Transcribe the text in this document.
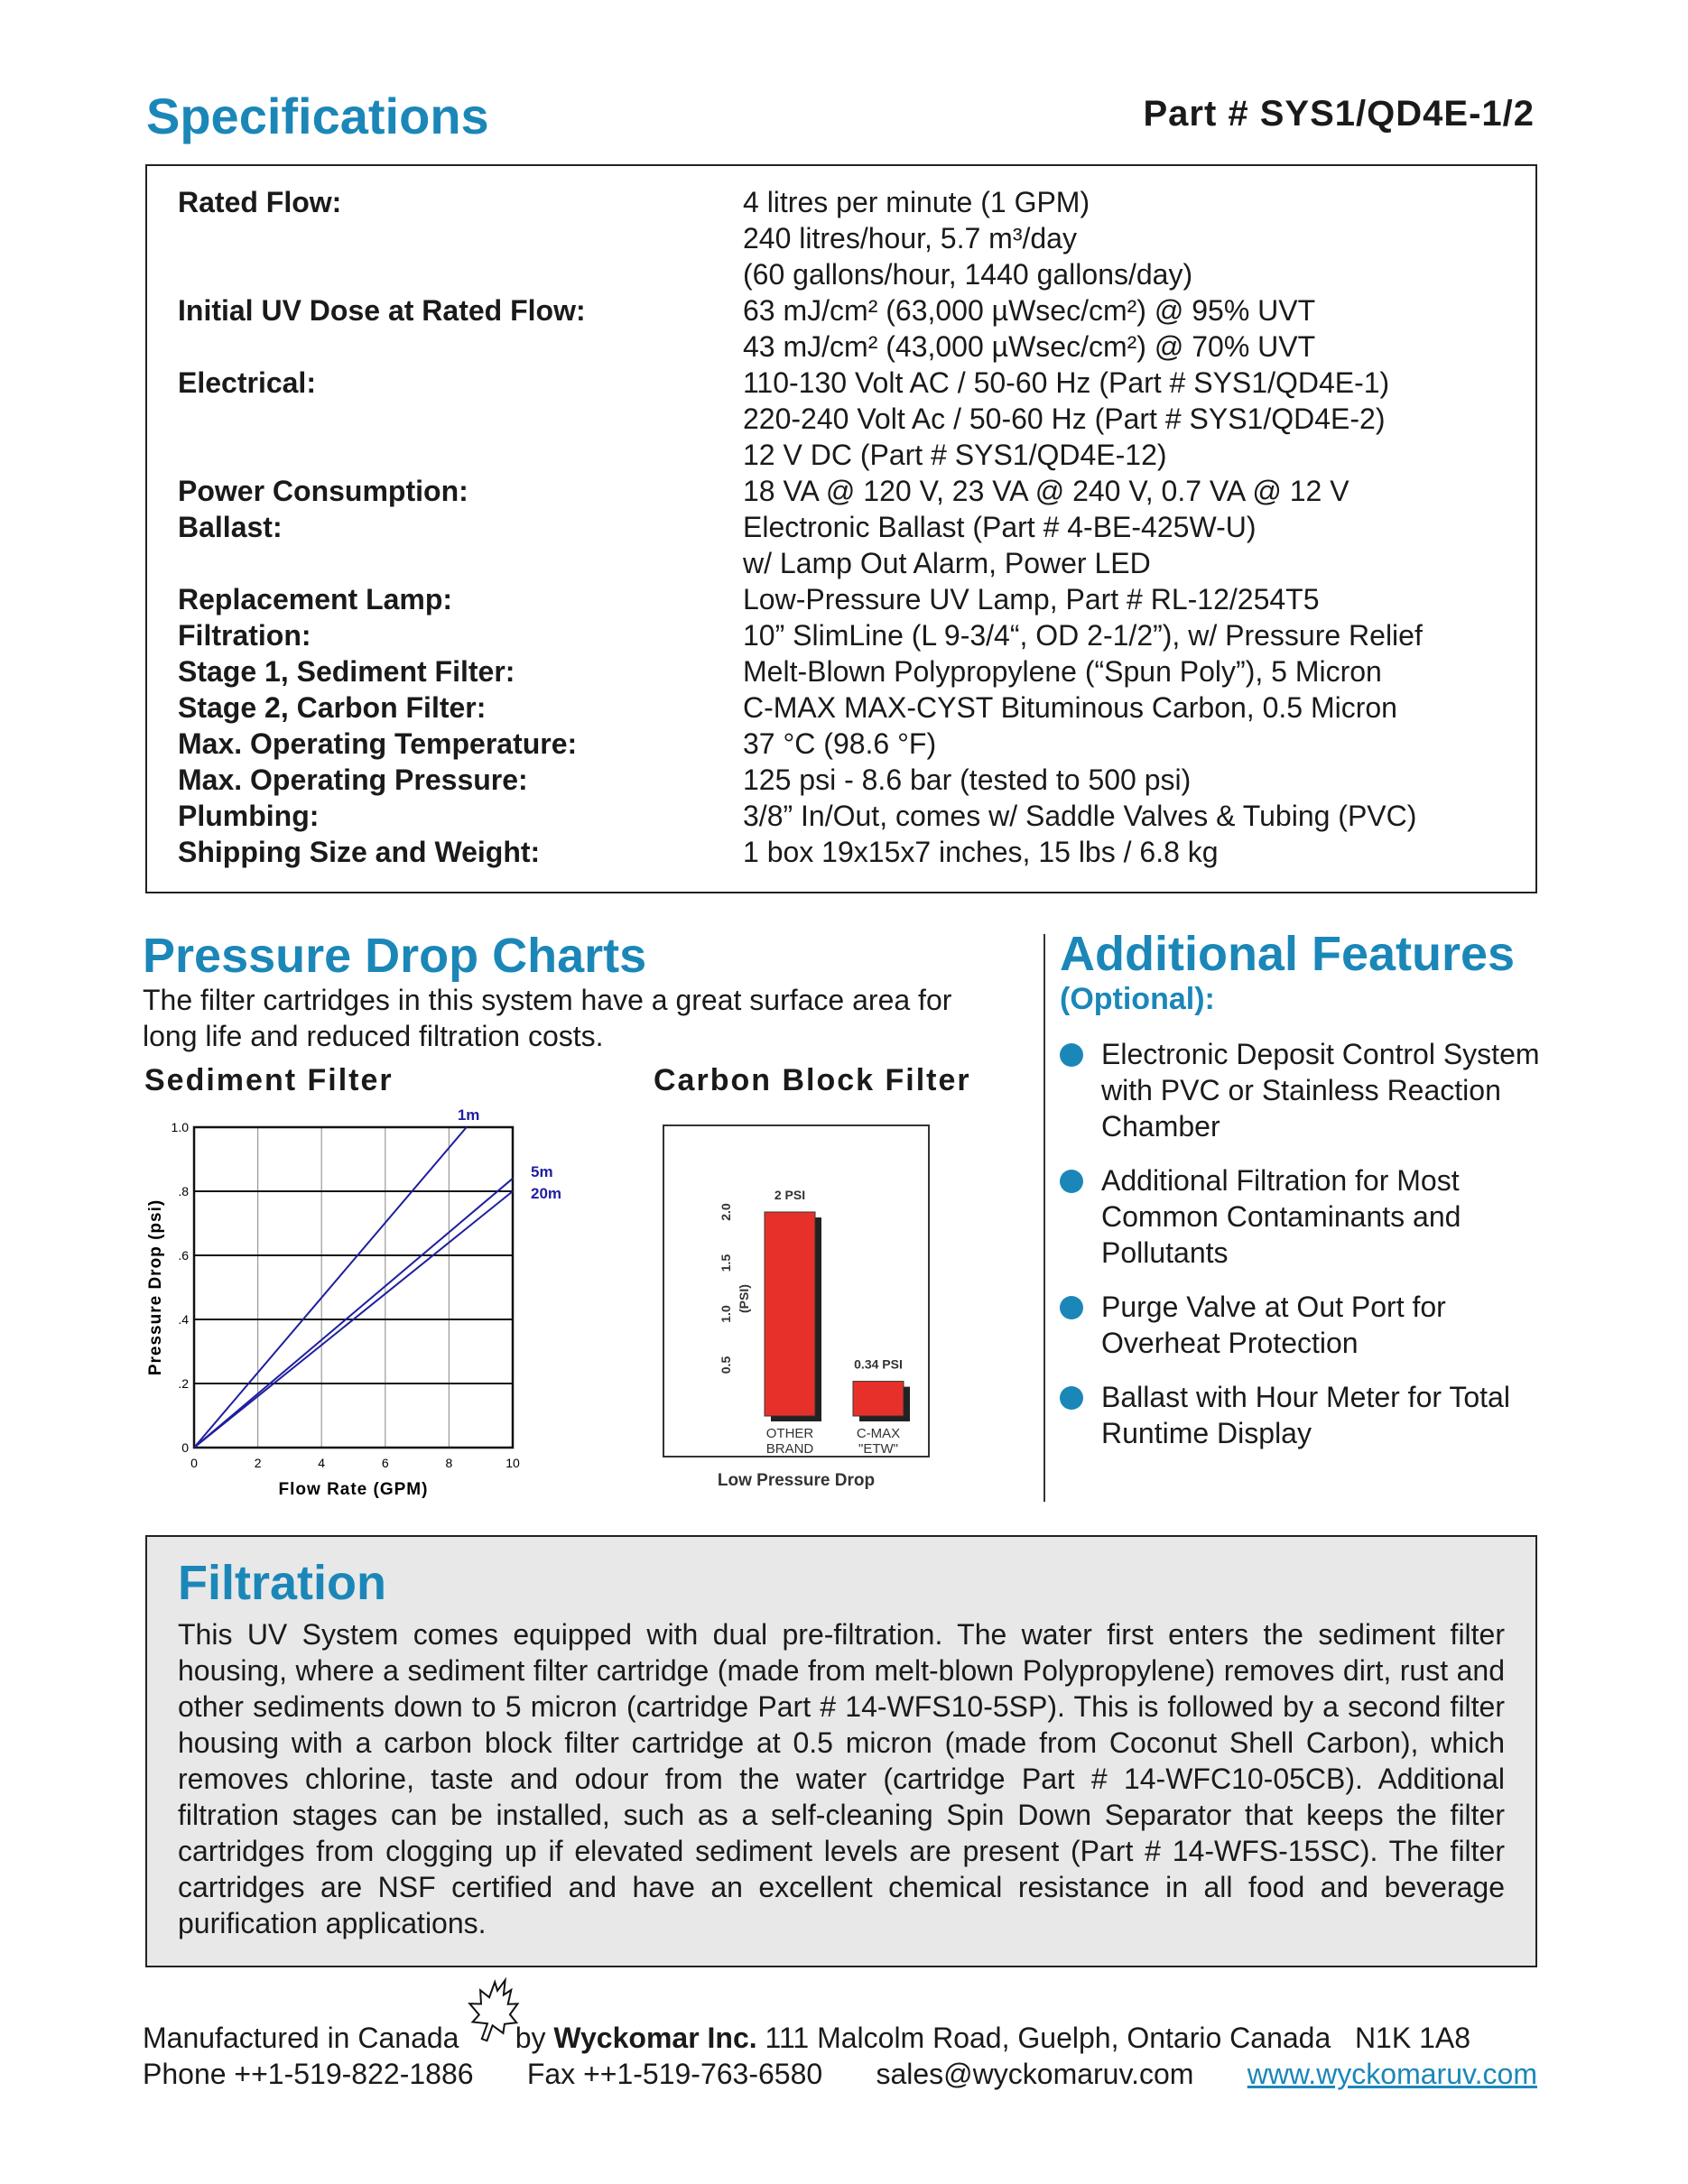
Specifications	Part # SYS1/QD4E-1/2
Rated Flow:	4 litres per minute (1 GPM)
240 litres/hour, 5.7 m³/day
(60 gallons/hour, 1440 gallons/day)
Initial UV Dose at Rated Flow:	63 mJ/cm² (63,000 µWsec/cm²) @ 95% UVT
43 mJ/cm² (43,000 µWsec/cm²) @ 70% UVT
Electrical:	110-130 Volt AC / 50-60 Hz (Part # SYS1/QD4E-1)
220-240 Volt Ac / 50-60 Hz (Part # SYS1/QD4E-2)
12 V DC (Part # SYS1/QD4E-12)
Power Consumption:	18 VA @ 120 V, 23 VA @ 240 V, 0.7 VA @ 12 V
Ballast:	Electronic Ballast (Part # 4-BE-425W-U)
w/ Lamp Out Alarm, Power LED
Replacement Lamp:	Low-Pressure UV Lamp, Part # RL-12/254T5
Filtration:	10” SlimLine (L 9-3/4“, OD 2-1/2”), w/ Pressure Relief
Stage 1, Sediment Filter:	Melt-Blown Polypropylene (“Spun Poly”), 5 Micron
Stage 2, Carbon Filter:	C-MAX MAX-CYST Bituminous Carbon, 0.5 Micron
Max. Operating Temperature:	37 °C (98.6 °F)
Max. Operating Pressure:	125 psi - 8.6 bar (tested to 500 psi)
Plumbing:	3/8” In/Out, comes w/ Saddle Valves & Tubing (PVC)
Shipping Size and Weight:	1 box 19x15x7 inches, 15 lbs / 6.8 kg
Pressure Drop Charts
The filter cartridges in this system have a great surface area for long life and reduced filtration costs.
Sediment Filter	Carbon Block Filter
0	2	4	6	8	10
0
.2
.4
.6
.8
1.0
1m
5m
20m
Flow Rate (GPM)
Pressure Drop (psi)	0.5
1.0
1.5
2.0
(PSI)
2 PSI
OTHER
BRAND
0.34 PSI
C-MAX
"ETW"
Low Pressure Drop
Additional Features
(Optional):
Electronic Deposit Control System with PVC or Stainless Reaction Chamber
Additional Filtration for Most Common Contaminants and Pollutants
Purge Valve at Out Port for Overheat Protection
Ballast with Hour Meter for Total Runtime Display
Filtration
This UV System comes equipped with dual pre-filtration. The water first enters the sediment filter housing, where a sediment filter cartridge (made from melt-blown Polypropylene) removes dirt, rust and other sediments down to 5 micron (cartridge Part # 14-WFS10-5SP). This is followed by a second filter housing with a carbon block filter cartridge at 0.5 micron (made from Coconut Shell Carbon), which removes chlorine, taste and odour from the water (cartridge Part # 14-WFC10-05CB). Additional filtration stages can be installed, such as a self-cleaning Spin Down Separator that keeps the filter cartridges from clogging up if elevated sediment levels are present (Part # 14-WFS-15SC). The filter cartridges are NSF certified and have an excellent chemical resistance in all food and beverage purification applications.
Manufactured in Canada by Wyckomar Inc. 111 Malcolm Road, Guelph, Ontario Canada   N1K 1A8
Phone ++1-519-822-1886 Fax ++1-519-763-6580 sales@wyckomaruv.com www.wyckomaruv.com
